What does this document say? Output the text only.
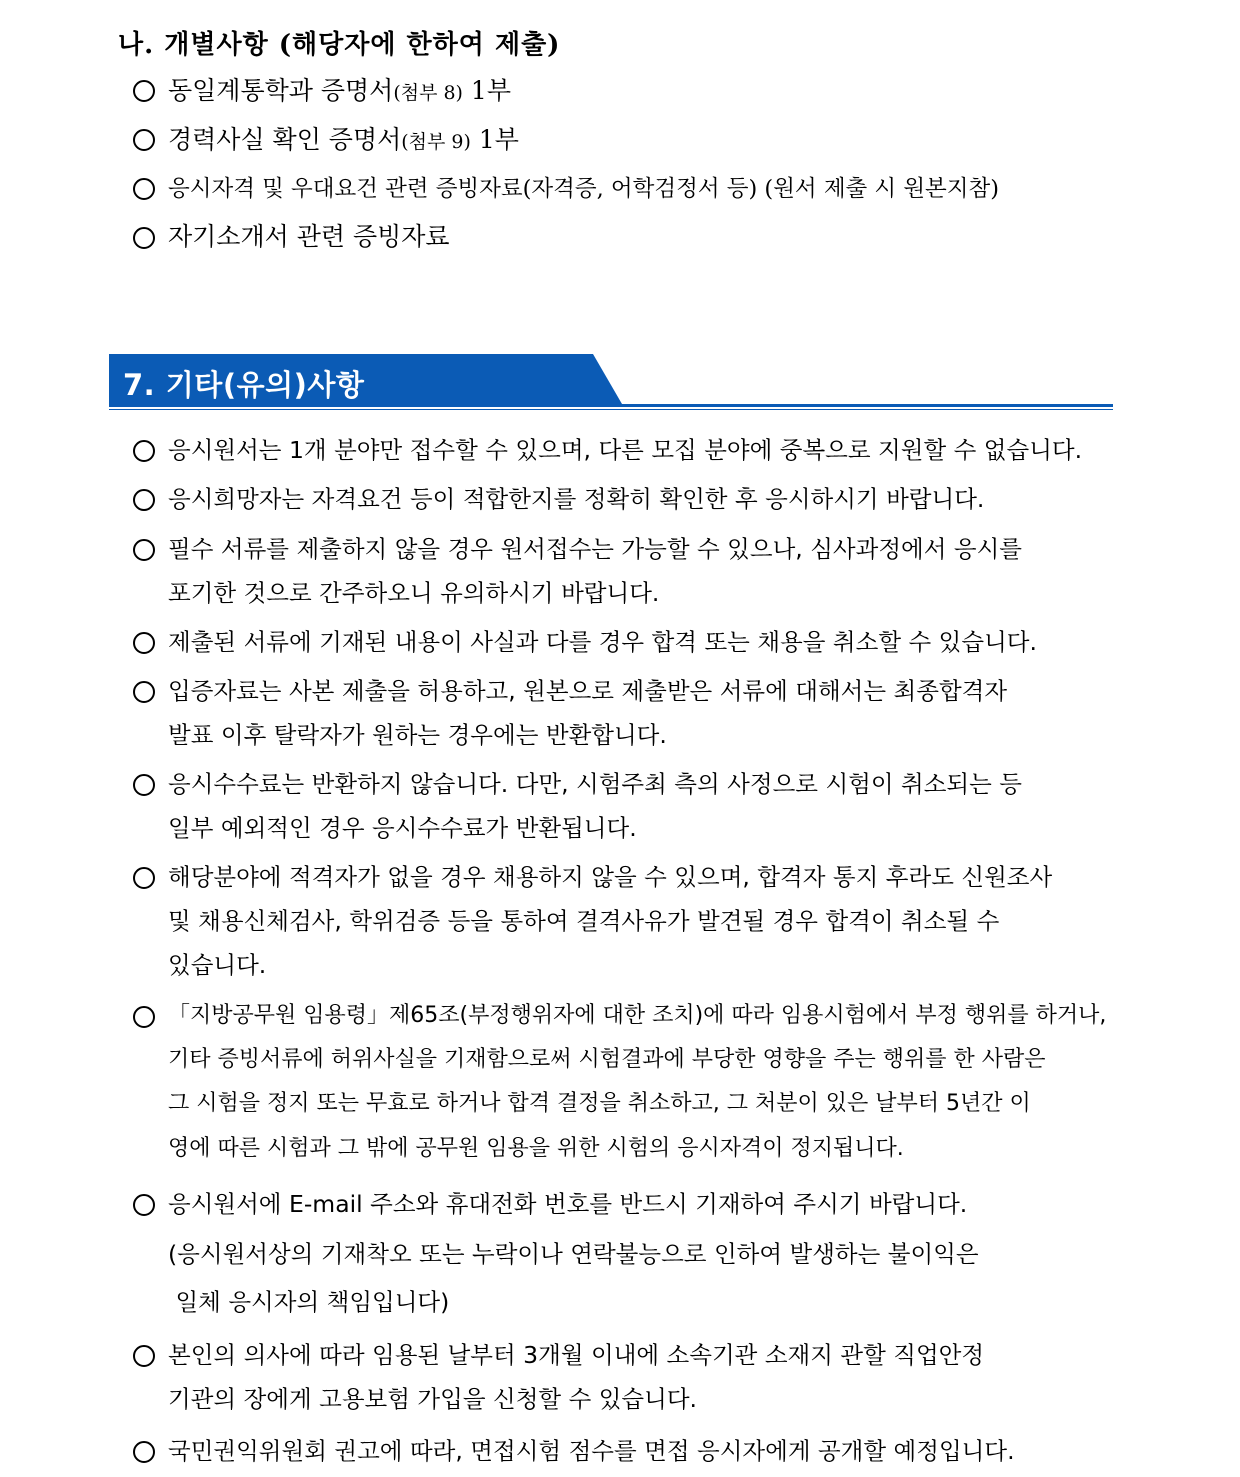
나. 개별사항 (해당자에 한하여 제출)
동일계통학과 증명서(첨부 8) 1부
경력사실 확인 증명서(첨부 9) 1부
응시자격 및 우대요건 관련 증빙자료(자격증, 어학검정서 등) (원서 제출 시 원본지참)
자기소개서 관련 증빙자료
7. 기타(유의)사항
응시원서는 1개 분야만 접수할 수 있으며, 다른 모집 분야에 중복으로 지원할 수 없습니다.
응시희망자는 자격요건 등이 적합한지를 정확히 확인한 후 응시하시기 바랍니다.
필수 서류를 제출하지 않을 경우 원서접수는 가능할 수 있으나, 심사과정에서 응시를
포기한 것으로 간주하오니 유의하시기 바랍니다.
제출된 서류에 기재된 내용이 사실과 다를 경우 합격 또는 채용을 취소할 수 있습니다.
입증자료는 사본 제출을 허용하고, 원본으로 제출받은 서류에 대해서는 최종합격자
발표 이후 탈락자가 원하는 경우에는 반환합니다.
응시수수료는 반환하지 않습니다. 다만, 시험주최 측의 사정으로 시험이 취소되는 등
일부 예외적인 경우 응시수수료가 반환됩니다.
해당분야에 적격자가 없을 경우 채용하지 않을 수 있으며, 합격자 통지 후라도 신원조사
및 채용신체검사, 학위검증 등을 통하여 결격사유가 발견될 경우 합격이 취소될 수
있습니다.
「지방공무원 임용령」제65조(부정행위자에 대한 조치)에 따라 임용시험에서 부정 행위를 하거나,
기타 증빙서류에 허위사실을 기재함으로써 시험결과에 부당한 영향을 주는 행위를 한 사람은
그 시험을 정지 또는 무효로 하거나 합격 결정을 취소하고, 그 처분이 있은 날부터 5년간 이
영에 따른 시험과 그 밖에 공무원 임용을 위한 시험의 응시자격이 정지됩니다.
응시원서에 E-mail 주소와 휴대전화 번호를 반드시 기재하여 주시기 바랍니다.
(응시원서상의 기재착오 또는 누락이나 연락불능으로 인하여 발생하는 불이익은
일체 응시자의 책임입니다)
본인의 의사에 따라 임용된 날부터 3개월 이내에 소속기관 소재지 관할 직업안정
기관의 장에게 고용보험 가입을 신청할 수 있습니다.
국민권익위원회 권고에 따라, 면접시험 점수를 면접 응시자에게 공개할 예정입니다.
